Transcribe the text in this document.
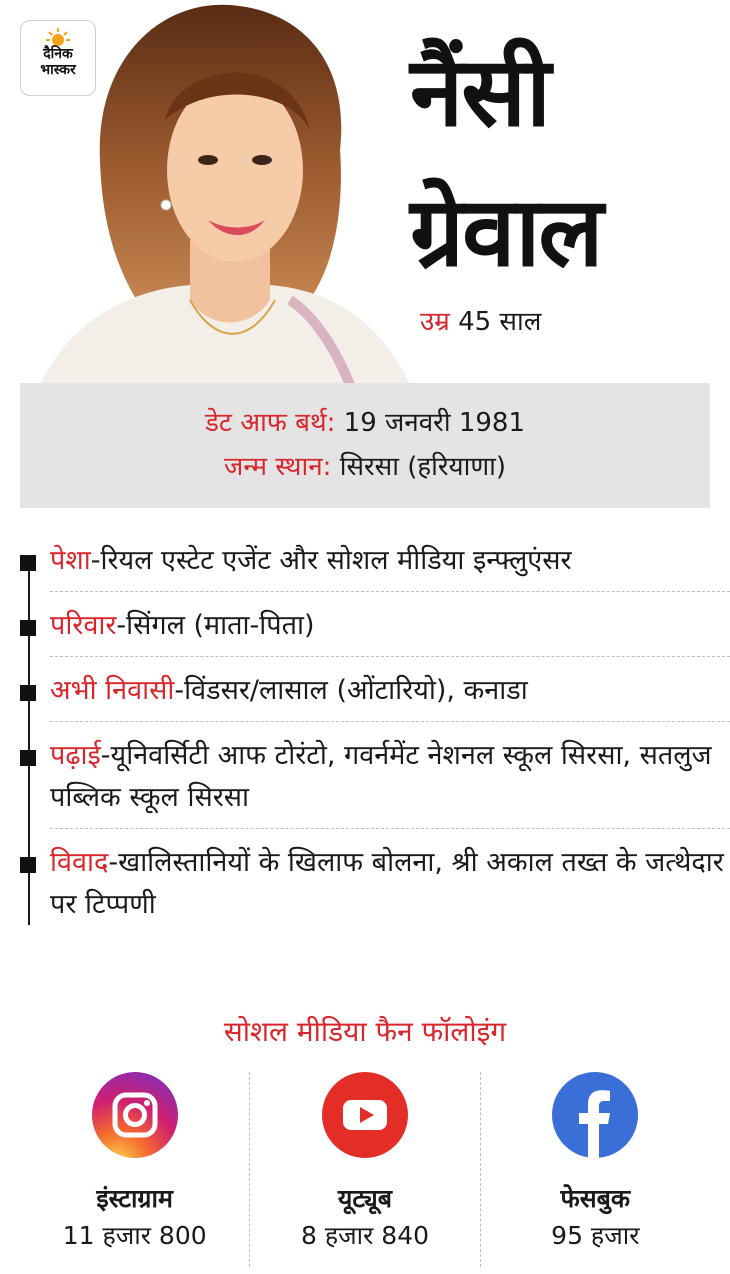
दैनिक
भास्कर	नैंसी
ग्रेवाल
उम्र 45 साल
डेट आफ बर्थ: 19 जनवरी 1981
जन्म स्थान: सिरसा (हरियाणा)
पेशा-रियल एस्टेट एजेंट और सोशल मीडिया इन्फ्लुएंसर
परिवार-सिंगल (माता-पिता)
अभी निवासी-विंडसर/लासाल (ओंटारियो), कनाडा
पढ़ाई-यूनिवर्सिटी आफ टोरंटो, गवर्नमेंट नेशनल स्कूल सिरसा, सतलुज पब्लिक स्कूल सिरसा
विवाद-खालिस्तानियों के खिलाफ बोलना, श्री अकाल तख्त के जत्थेदार पर टिप्पणी
सोशल मीडिया फैन फॉलोइंग
इंस्टाग्राम
11 हजार 800
यूट्यूब
8 हजार 840
फेसबुक
95 हजार
